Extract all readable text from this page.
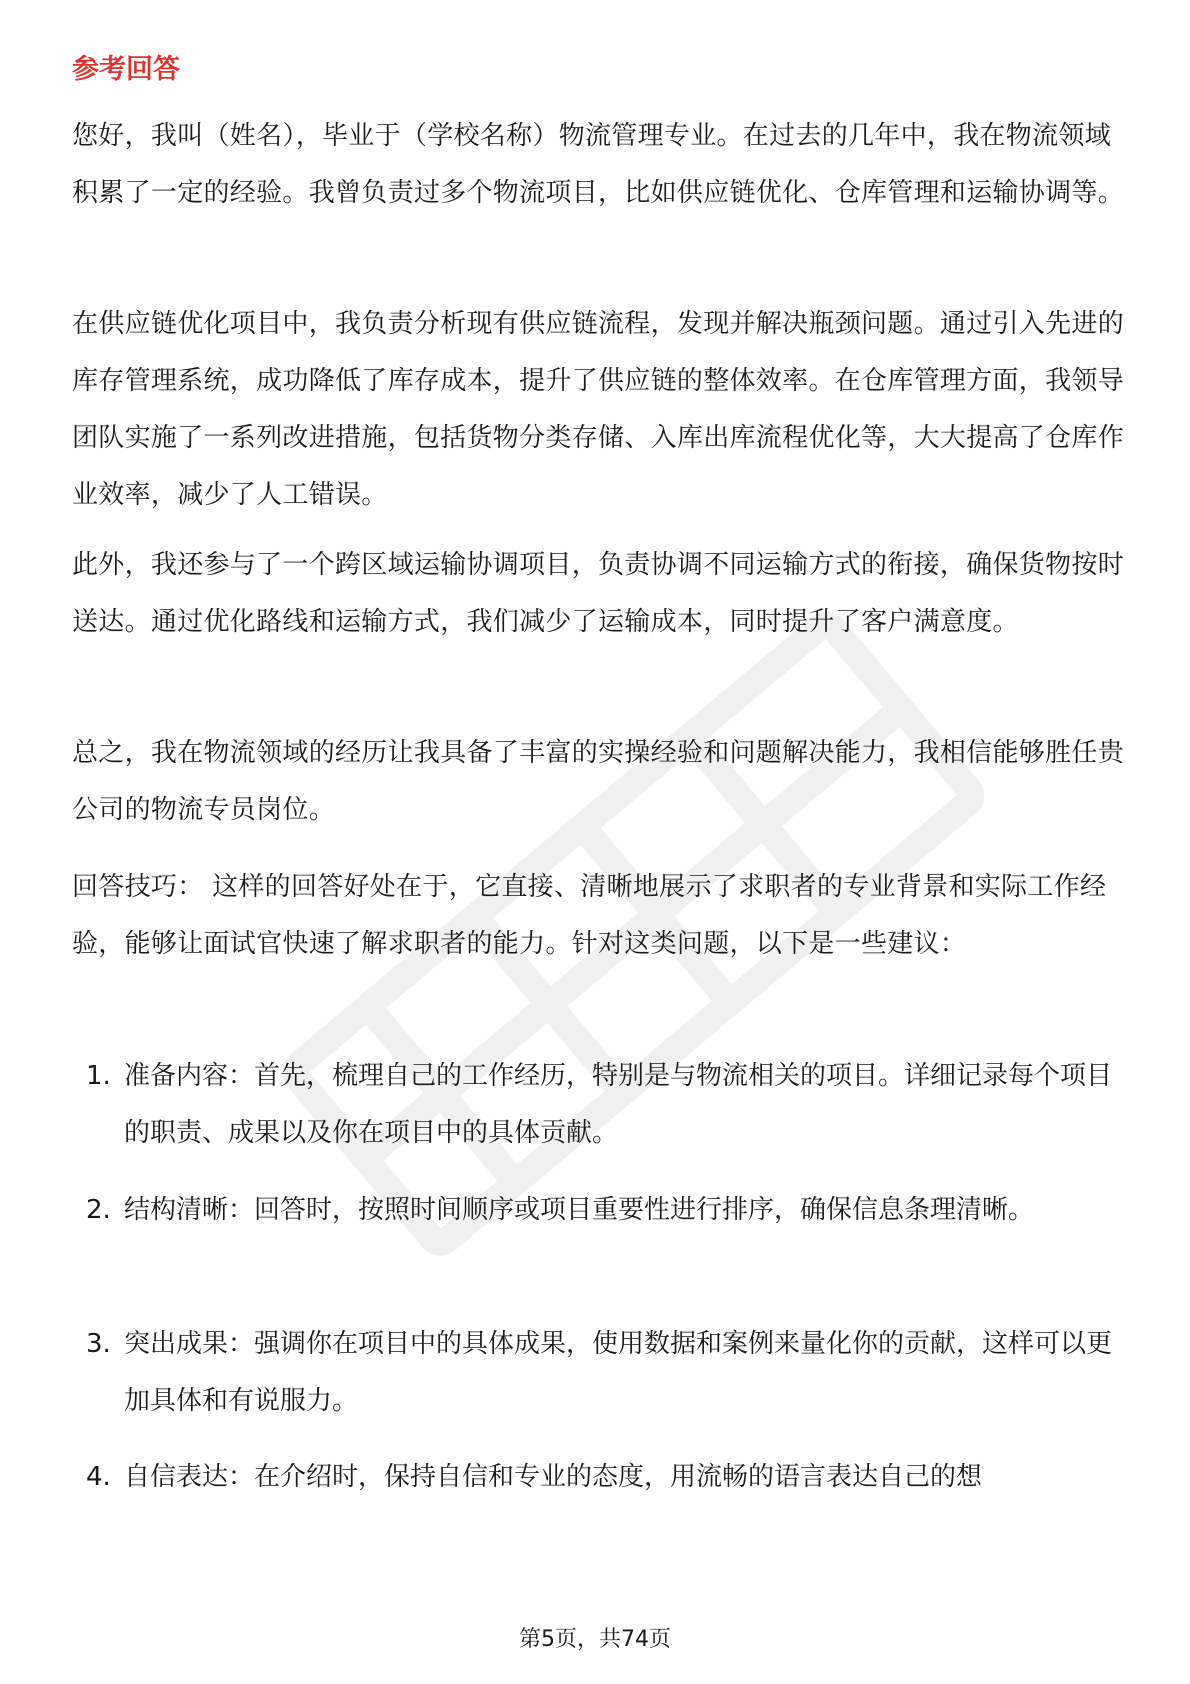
参考回答

您好，我叫（姓名），毕业于（学校名称）物流管理专业。在过去的几年中，我在物流领域积累了一定的经验。我曾负责过多个物流项目，比如供应链优化、仓库管理和运输协调等。

在供应链优化项目中，我负责分析现有供应链流程，发现并解决瓶颈问题。通过引入先进的库存管理系统，成功降低了库存成本，提升了供应链的整体效率。在仓库管理方面，我领导团队实施了一系列改进措施，包括货物分类存储、入库出库流程优化等，大大提高了仓库作业效率，减少了人工错误。

此外，我还参与了一个跨区域运输协调项目，负责协调不同运输方式的衔接，确保货物按时送达。通过优化路线和运输方式，我们减少了运输成本，同时提升了客户满意度。

总之，我在物流领域的经历让我具备了丰富的实操经验和问题解决能力，我相信能够胜任贵公司的物流专员岗位。

回答技巧： 这样的回答好处在于，它直接、清晰地展示了求职者的专业背景和实际工作经验，能够让面试官快速了解求职者的能力。针对这类问题，以下是一些建议：

1. 准备内容：首先，梳理自己的工作经历，特别是与物流相关的项目。详细记录每个项目的职责、成果以及你在项目中的具体贡献。
2. 结构清晰：回答时，按照时间顺序或项目重要性进行排序，确保信息条理清晰。
3. 突出成果：强调你在项目中的具体成果，使用数据和案例来量化你的贡献，这样可以更加具体和有说服力。
4. 自信表达：在介绍时，保持自信和专业的态度，用流畅的语言表达自己的想
第5页，共74页
